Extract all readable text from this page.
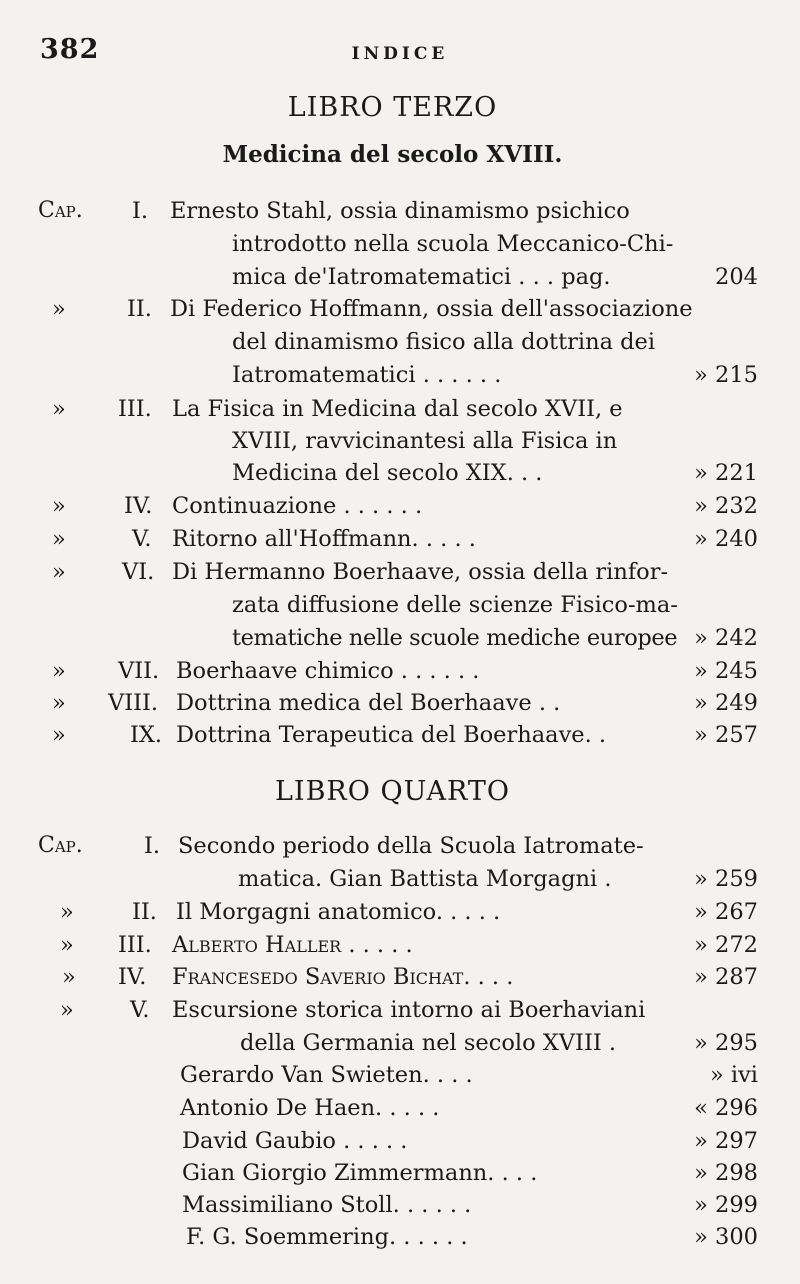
382	INDICE
LIBRO TERZO
Medicina del secolo XVIII.
Cap. I. Ernesto Stahl, ossia dinamismo psichico
introdotto nella scuola Meccanico-Chi-
mica de'Iatromatematici . . . pag.	204
»	II. Di Federico Hoffmann, ossia dell'associazione
del dinamismo fisico alla dottrina dei
Iatromatematici . . . . . .	» 215
» III. La Fisica in Medicina dal secolo XVII, e
XVIII, ravvicinantesi alla Fisica in
Medicina del secolo XIX. . .	» 221
»	IV. Continuazione . . . . . .	» 232
»	V. Ritorno all'Hoffmann. . . . .	» 240
» VI. Di Hermanno Boerhaave, ossia della rinfor-
zata diffusione delle scienze Fisico-ma-
tematiche nelle scuole mediche europee » 242
» VII. Boerhaave chimico . . . . . .	» 245
» VIII. Dottrina medica del Boerhaave . .	» 249
»	IX. Dottrina Terapeutica del Boerhaave. .	» 257
LIBRO QUARTO
Cap.	I. Secondo periodo della Scuola Iatromate-
matica. Gian Battista Morgagni .	» 259
»	II. Il Morgagni anatomico. . . . .	» 267
» III. Alberto Haller . . . . .	» 272
» IV. Francesedo Saverio Bichat. . . .	» 287
» V. Escursione storica intorno ai Boerhaviani
della Germania nel secolo XVIII .	» 295
Gerardo Van Swieten. . . .	» ivi
Antonio De Haen. . . . .	« 296
David Gaubio . . . . .	» 297
Gian Giorgio Zimmermann. . . .	» 298
Massimiliano Stoll. . . . . .	» 299
F. G. Soemmering. . . . . .	» 300
